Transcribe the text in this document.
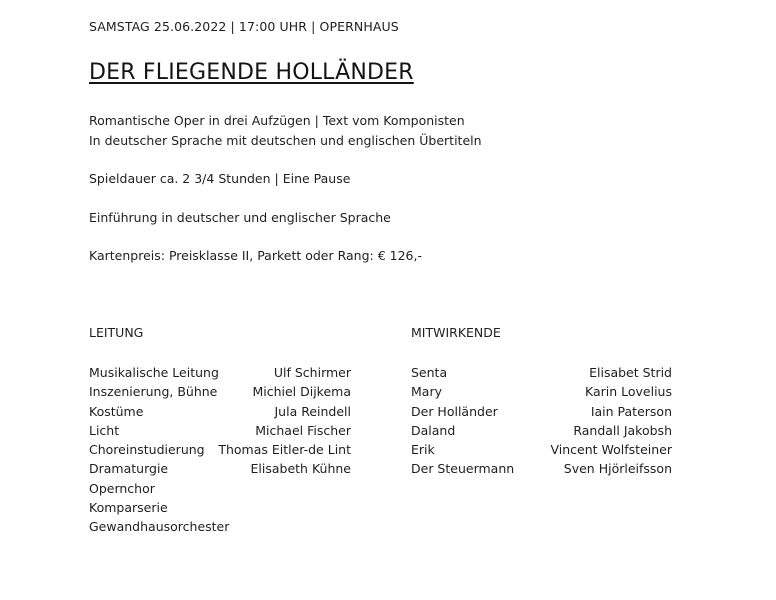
SAMSTAG 25.06.2022 | 17:00 UHR | OPERNHAUS
DER FLIEGENDE HOLLÄNDER
Romantische Oper in drei Aufzügen | Text vom Komponisten
In deutscher Sprache mit deutschen und englischen Übertiteln
Spieldauer ca. 2 3/4 Stunden | Eine Pause
Einführung in deutscher und englischer Sprache
Kartenpreis: Preisklasse II, Parkett oder Rang: € 126,-
LEITUNG	MITWIRKENDE
Musikalische Leitung	Ulf Schirmer
Inszenierung, Bühne	Michiel Dijkema
Kostüme	Jula Reindell
Licht	Michael Fischer
Choreinstudierung Thomas Eitler-de Lint
Dramaturgie	Elisabeth Kühne
Opernchor
Komparserie
Gewandhausorchester
Senta	Elisabet Strid
Mary	Karin Lovelius
Der Holländer	Iain Paterson
Daland	Randall Jakobsh
Erik	Vincent Wolfsteiner
Der Steuermann	Sven Hjörleifsson
